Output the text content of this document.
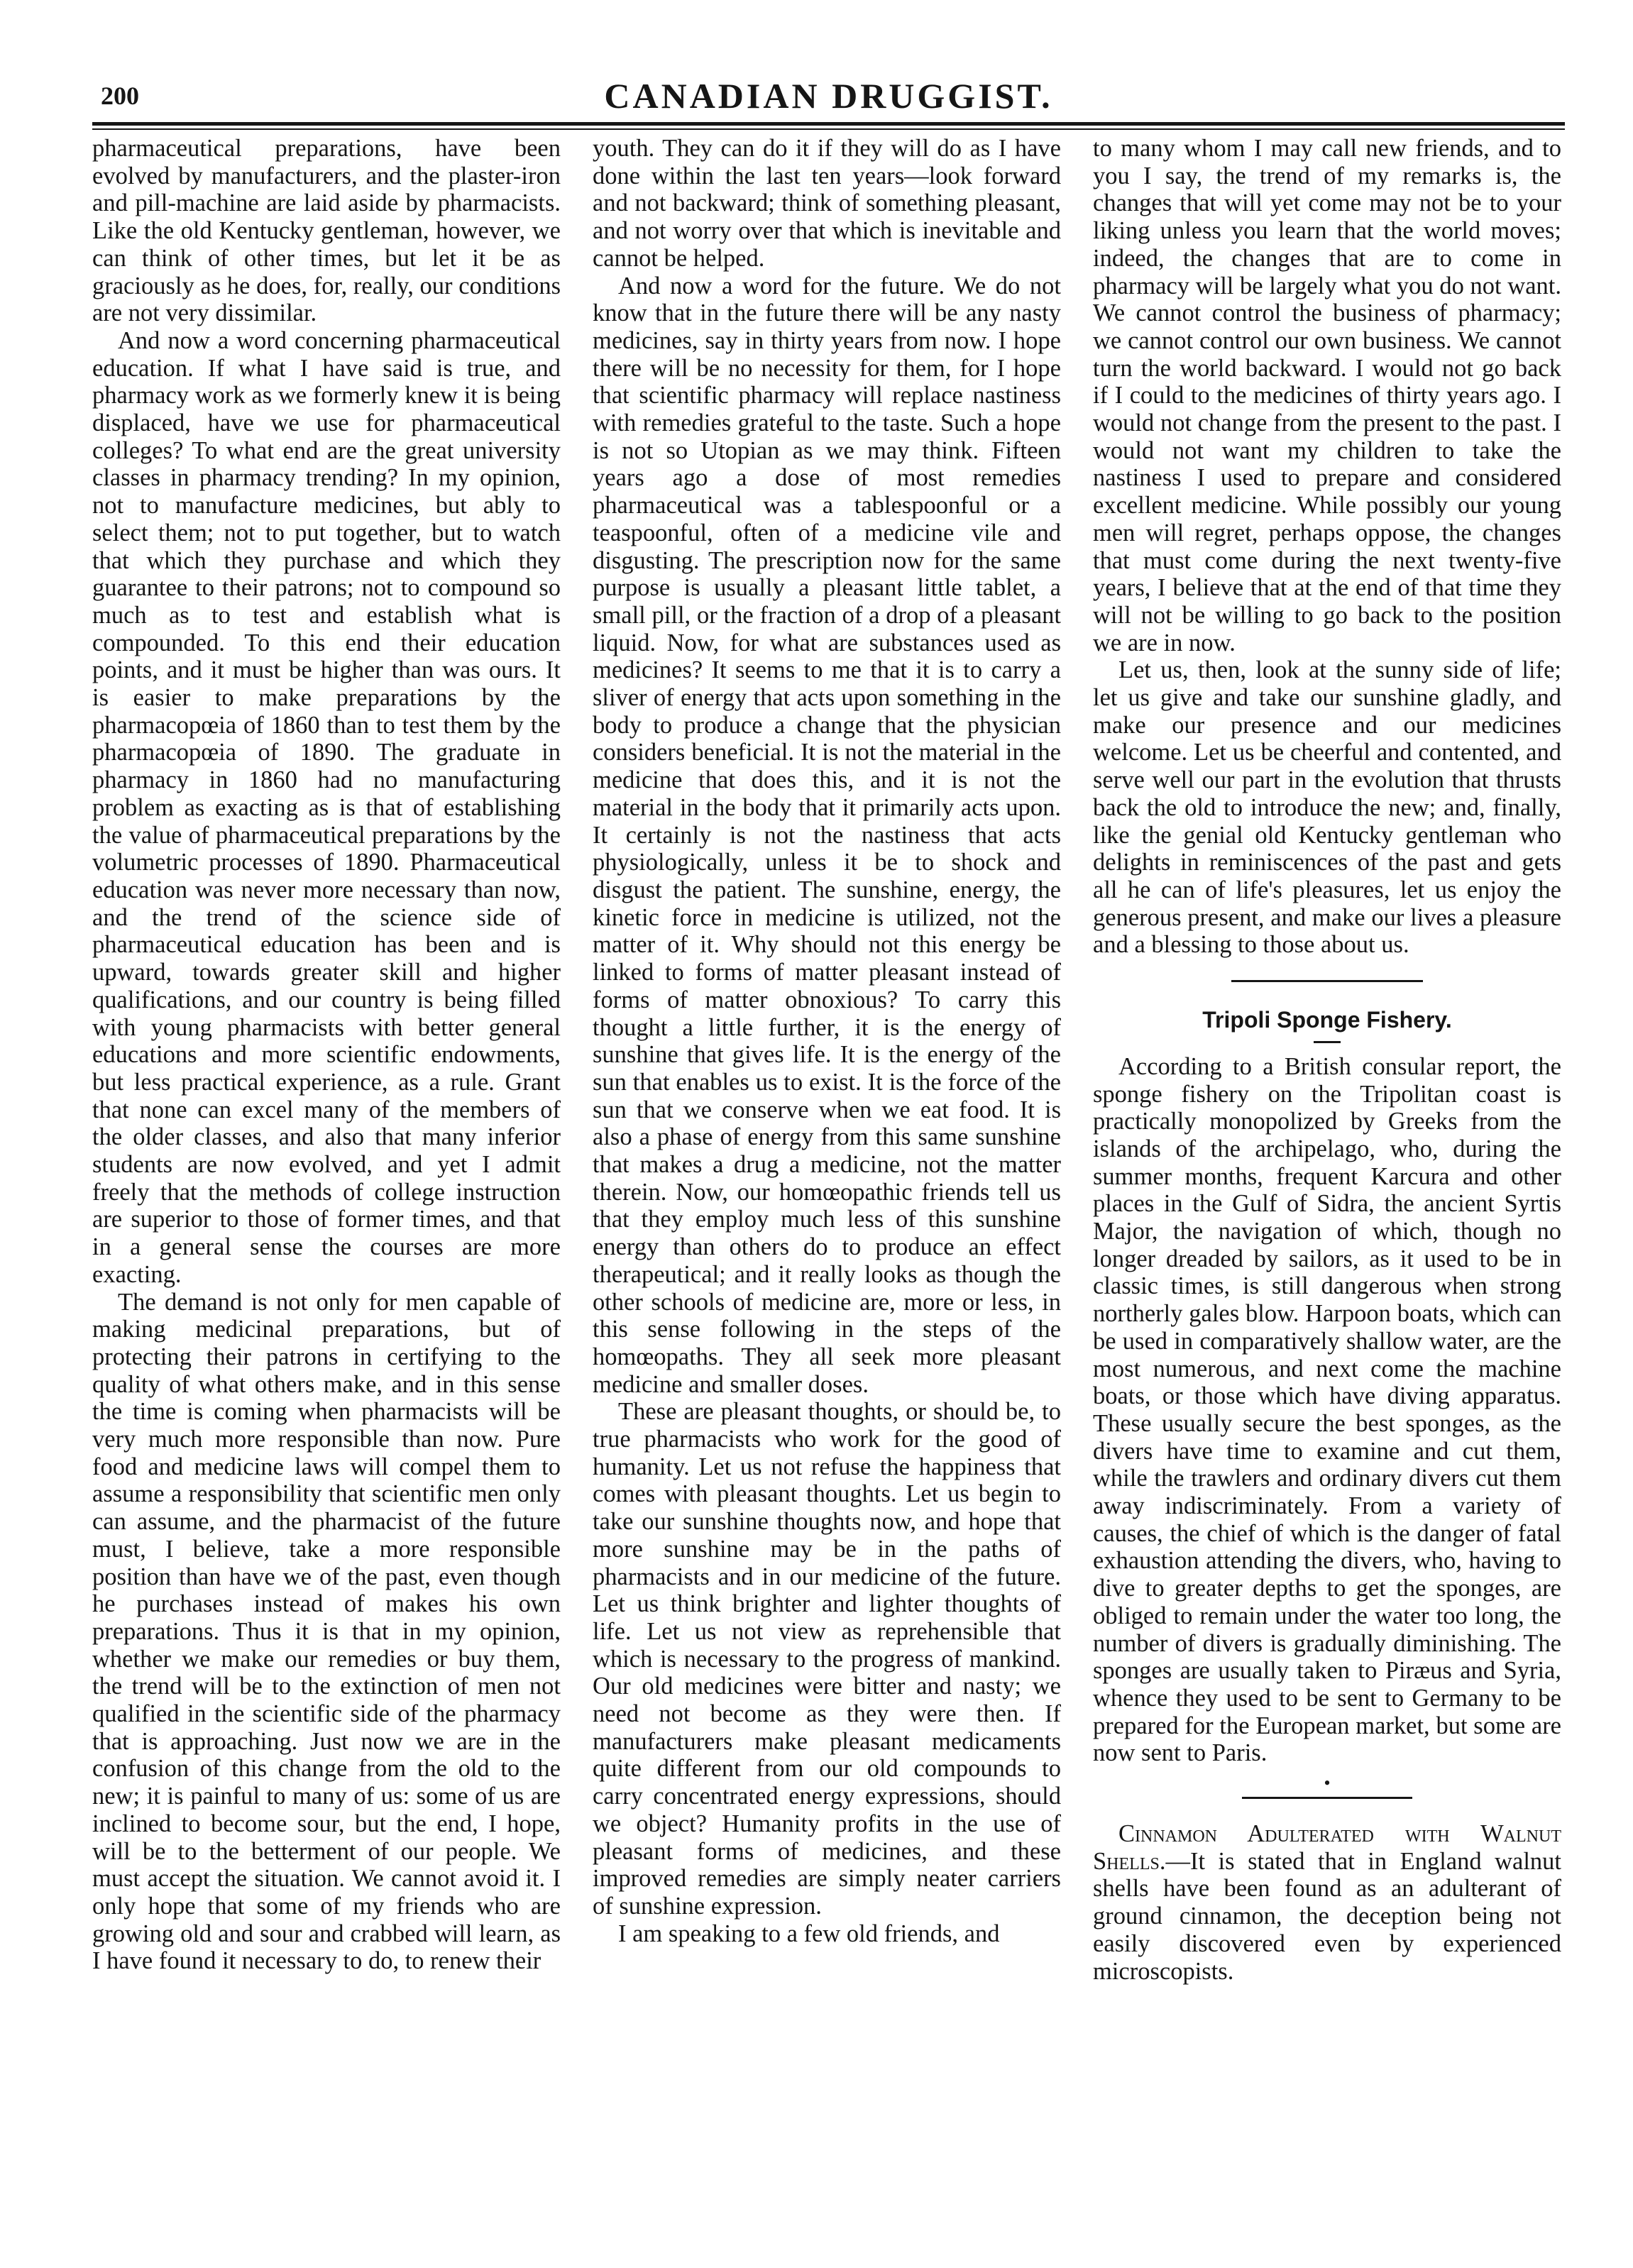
200	CANADIAN DRUGGIST.

pharmaceutical preparations, have been evolved by manufacturers, and the plaster-iron and pill-machine are laid aside by pharmacists. Like the old Kentucky gentleman, however, we can think of other times, but let it be as graciously as he does, for, really, our conditions are not very dissimilar.

And now a word concerning pharmaceutical education. If what I have said is true, and pharmacy work as we formerly knew it is being displaced, have we use for pharmaceutical colleges? To what end are the great university classes in pharmacy trending? In my opinion, not to manufacture medicines, but ably to select them; not to put together, but to watch that which they purchase and which they guarantee to their patrons; not to compound so much as to test and establish what is compounded. To this end their education points, and it must be higher than was ours. It is easier to make preparations by the pharmacopœia of 1860 than to test them by the pharmacopœia of 1890. The graduate in pharmacy in 1860 had no manufacturing problem as exacting as is that of establishing the value of pharmaceutical preparations by the volumetric processes of 1890. Pharmaceutical education was never more necessary than now, and the trend of the science side of pharmaceutical education has been and is upward, towards greater skill and higher qualifications, and our country is being filled with young pharmacists with better general educations and more scientific endowments, but less practical experience, as a rule. Grant that none can excel many of the members of the older classes, and also that many inferior students are now evolved, and yet I admit freely that the methods of college instruction are superior to those of former times, and that in a general sense the courses are more exacting.

The demand is not only for men capable of making medicinal preparations, but of protecting their patrons in certifying to the quality of what others make, and in this sense the time is coming when pharmacists will be very much more responsible than now. Pure food and medicine laws will compel them to assume a responsibility that scientific men only can assume, and the pharmacist of the future must, I believe, take a more responsible position than have we of the past, even though he purchases instead of makes his own preparations. Thus it is that in my opinion, whether we make our remedies or buy them, the trend will be to the extinction of men not qualified in the scientific side of the pharmacy that is approaching. Just now we are in the confusion of this change from the old to the new; it is painful to many of us: some of us are inclined to become sour, but the end, I hope, will be to the betterment of our people. We must accept the situation. We cannot avoid it. I only hope that some of my friends who are growing old and sour and crabbed will learn, as I have found it necessary to do, to renew their

youth. They can do it if they will do as I have done within the last ten years—look forward and not backward; think of something pleasant, and not worry over that which is inevitable and cannot be helped.

And now a word for the future. We do not know that in the future there will be any nasty medicines, say in thirty years from now. I hope there will be no necessity for them, for I hope that scientific pharmacy will replace nastiness with remedies grateful to the taste. Such a hope is not so Utopian as we may think. Fifteen years ago a dose of most remedies pharmaceutical was a tablespoonful or a teaspoonful, often of a medicine vile and disgusting. The prescription now for the same purpose is usually a pleasant little tablet, a small pill, or the fraction of a drop of a pleasant liquid. Now, for what are substances used as medicines? It seems to me that it is to carry a sliver of energy that acts upon something in the body to produce a change that the physician considers beneficial. It is not the material in the medicine that does this, and it is not the material in the body that it primarily acts upon. It certainly is not the nastiness that acts physiologically, unless it be to shock and disgust the patient. The sunshine, energy, the kinetic force in medicine is utilized, not the matter of it. Why should not this energy be linked to forms of matter pleasant instead of forms of matter obnoxious? To carry this thought a little further, it is the energy of sunshine that gives life. It is the energy of the sun that enables us to exist. It is the force of the sun that we conserve when we eat food. It is also a phase of energy from this same sunshine that makes a drug a medicine, not the matter therein. Now, our homœopathic friends tell us that they employ much less of this sunshine energy than others do to produce an effect therapeutical; and it really looks as though the other schools of medicine are, more or less, in this sense following in the steps of the homœopaths. They all seek more pleasant medicine and smaller doses.

These are pleasant thoughts, or should be, to true pharmacists who work for the good of humanity. Let us not refuse the happiness that comes with pleasant thoughts. Let us begin to take our sunshine thoughts now, and hope that more sunshine may be in the paths of pharmacists and in our medicine of the future. Let us think brighter and lighter thoughts of life. Let us not view as reprehensible that which is necessary to the progress of mankind. Our old medicines were bitter and nasty; we need not become as they were then. If manufacturers make pleasant medicaments quite different from our old compounds to carry concentrated energy expressions, should we object? Humanity profits in the use of pleasant forms of medicines, and these improved remedies are simply neater carriers of sunshine expression.

I am speaking to a few old friends, and

to many whom I may call new friends, and to you I say, the trend of my remarks is, the changes that will yet come may not be to your liking unless you learn that the world moves; indeed, the changes that are to come in pharmacy will be largely what you do not want. We cannot control the business of pharmacy; we cannot control our own business. We cannot turn the world backward. I would not go back if I could to the medicines of thirty years ago. I would not change from the present to the past. I would not want my children to take the nastiness I used to prepare and considered excellent medicine. While possibly our young men will regret, perhaps oppose, the changes that must come during the next twenty-five years, I believe that at the end of that time they will not be willing to go back to the position we are in now.

Let us, then, look at the sunny side of life; let us give and take our sunshine gladly, and make our presence and our medicines welcome. Let us be cheerful and contented, and serve well our part in the evolution that thrusts back the old to introduce the new; and, finally, like the genial old Kentucky gentleman who delights in reminiscences of the past and gets all he can of life's pleasures, let us enjoy the generous present, and make our lives a pleasure and a blessing to those about us.

Tripoli Sponge Fishery.

According to a British consular report, the sponge fishery on the Tripolitan coast is practically monopolized by Greeks from the islands of the archipelago, who, during the summer months, frequent Karcura and other places in the Gulf of Sidra, the ancient Syrtis Major, the navigation of which, though no longer dreaded by sailors, as it used to be in classic times, is still dangerous when strong northerly gales blow. Harpoon boats, which can be used in comparatively shallow water, are the most numerous, and next come the machine boats, or those which have diving apparatus. These usually secure the best sponges, as the divers have time to examine and cut them, while the trawlers and ordinary divers cut them away indiscriminately. From a variety of causes, the chief of which is the danger of fatal exhaustion attending the divers, who, having to dive to greater depths to get the sponges, are obliged to remain under the water too long, the number of divers is gradually diminishing. The sponges are usually taken to Piræus and Syria, whence they used to be sent to Germany to be prepared for the European market, but some are now sent to Paris.

•

Cinnamon Adulterated with Walnut Shells.—It is stated that in England walnut shells have been found as an adulterant of ground cinnamon, the deception being not easily discovered even by experienced microscopists.
